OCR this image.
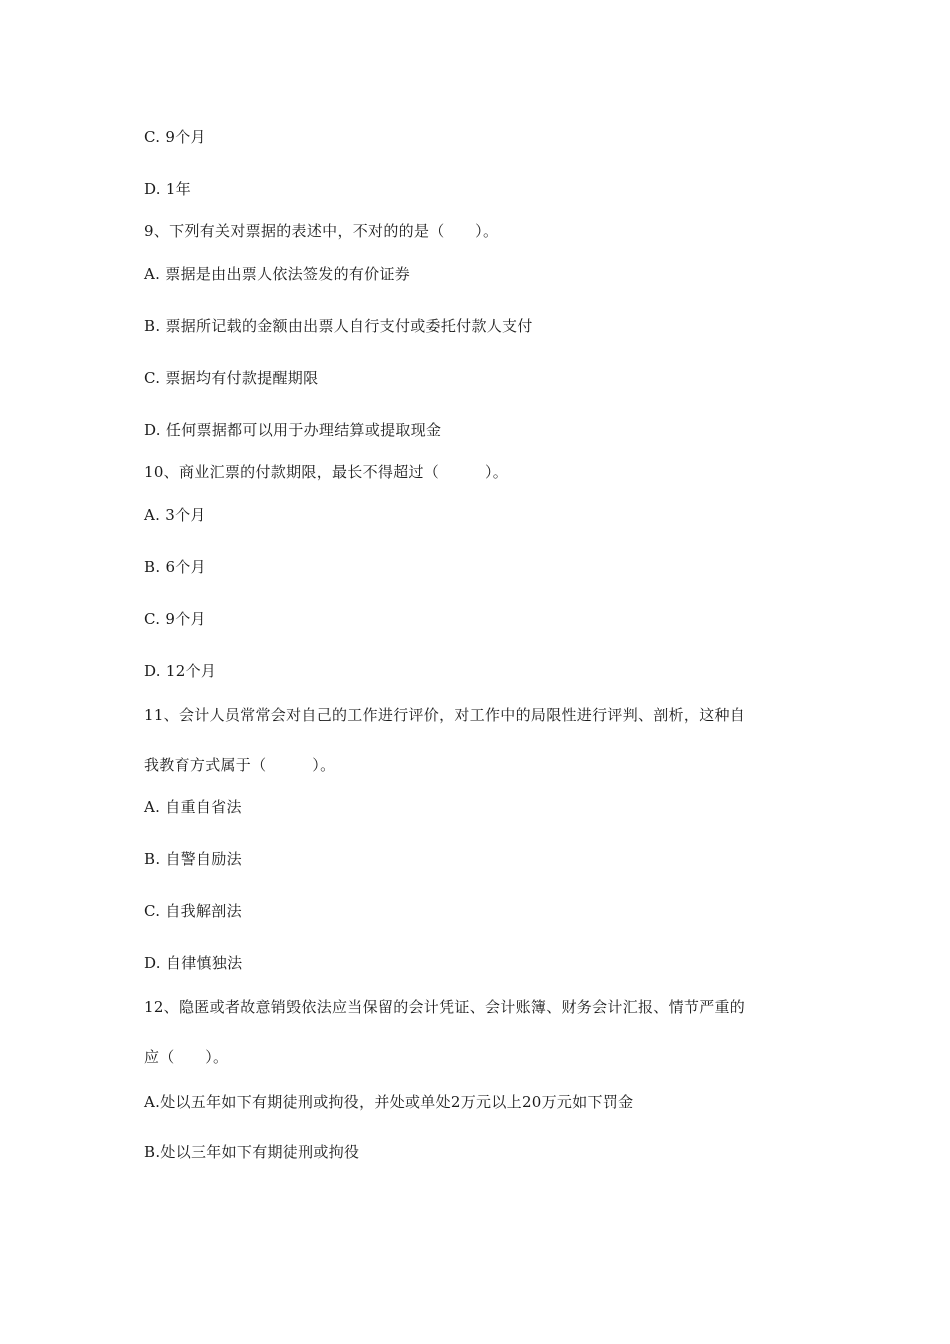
C. 9个月
D. 1年
9、下列有关对票据的表述中，不对的的是（　　）。
A. 票据是由出票人依法签发的有价证券
B. 票据所记载的金额由出票人自行支付或委托付款人支付
C. 票据均有付款提醒期限
D. 任何票据都可以用于办理结算或提取现金
10、商业汇票的付款期限，最长不得超过（　　　）。
A. 3个月
B. 6个月
C. 9个月
D. 12个月
11、会计人员常常会对自己的工作进行评价，对工作中的局限性进行评判、剖析，这种自
我教育方式属于（　　　）。
A. 自重自省法
B. 自警自励法
C. 自我解剖法
D. 自律慎独法
12、隐匿或者故意销毁依法应当保留的会计凭证、会计账簿、财务会计汇报、情节严重的
应（　　）。
A.处以五年如下有期徒刑或拘役，并处或单处2万元以上20万元如下罚金
B.处以三年如下有期徒刑或拘役
